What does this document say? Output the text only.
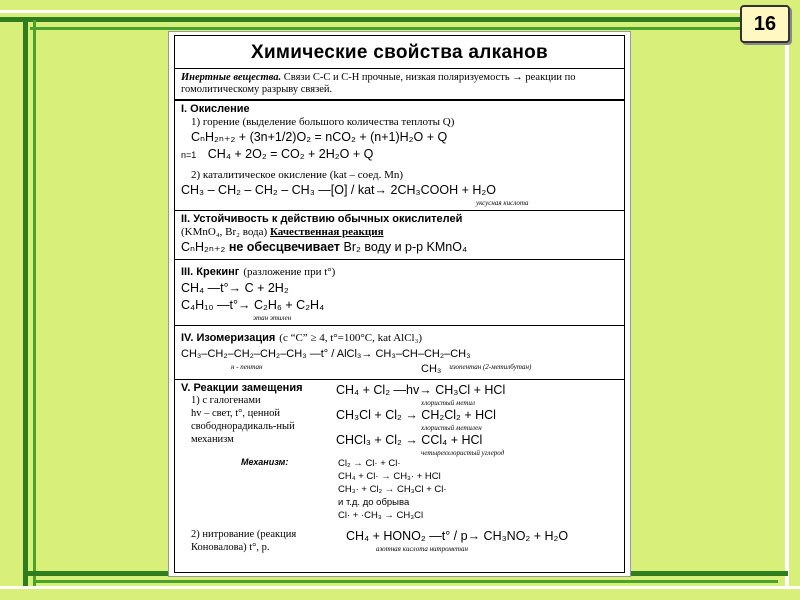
16
Химические свойства алканов
Инертные вещества. Связи С-С и С-Н прочные, низкая поляризуемость → реакции по гомолитическому разрыву связей.
I. Окисление
1) горение (выделение большого количества теплоты Q)
CₙH₂ₙ₊₂ + (3n+1/2)O₂ = nCO₂ + (n+1)H₂O + Q
n=1 CH₄ + 2O₂ = CO₂ + 2H₂O + Q
2) каталитическое окисление (kat – соед. Mn)
CH₃ – CH₂ – CH₂ – CH₃ —[O] / kat→ 2CH₃COOH + H₂O
уксусная кислота
II. Устойчивость к действию обычных окислителей
(KMnO₄, Br₂ вода) Качественная реакция
CₙH₂ₙ₊₂ не обесцвечивает Br₂ воду и р-р KMnO₄
III. Крекинг (разложение при t°)
CH₄ —t°→ C + 2H₂
C₄H₁₀ —t°→ C₂H₆ + C₂H₄
этан этилен
IV. Изомеризация (с “С” ≥ 4, t°=100°C, kat AlCl₃)
CH₃–CH₂–CH₂–CH₂–CH₃ —t° / AlCl₃→ CH₃–CH–CH₂–CH₃
н - пентан	CH₃	изопентан (2-метилбутан)
V. Реакции замещения
1) с галогенами
hv – свет, t°, ценной свободнорадикаль-ный механизм
CH₄ + Cl₂ —hv→ CH₃Cl + HCl
хлористый метил
CH₃Cl + Cl₂ → CH₂Cl₂ + HCl
хлористый метилен
CHCl₃ + Cl₂ → CCl₄ + HCl
четыреххлористый углерод
Механизм:	Cl₂ → Cl· + Cl·
CH₄ + Cl· → CH₃· + HCl
CH₃· + Cl₂ → CH₃Cl + Cl·
и т.д. до обрыва
Cl· + ·CH₃ → CH₃Cl
2) нитрование (реакция Коновалова) t°, p.
CH₄ + HONO₂ —t° / p→ CH₃NO₂ + H₂O
азотная кислота нитрометан
